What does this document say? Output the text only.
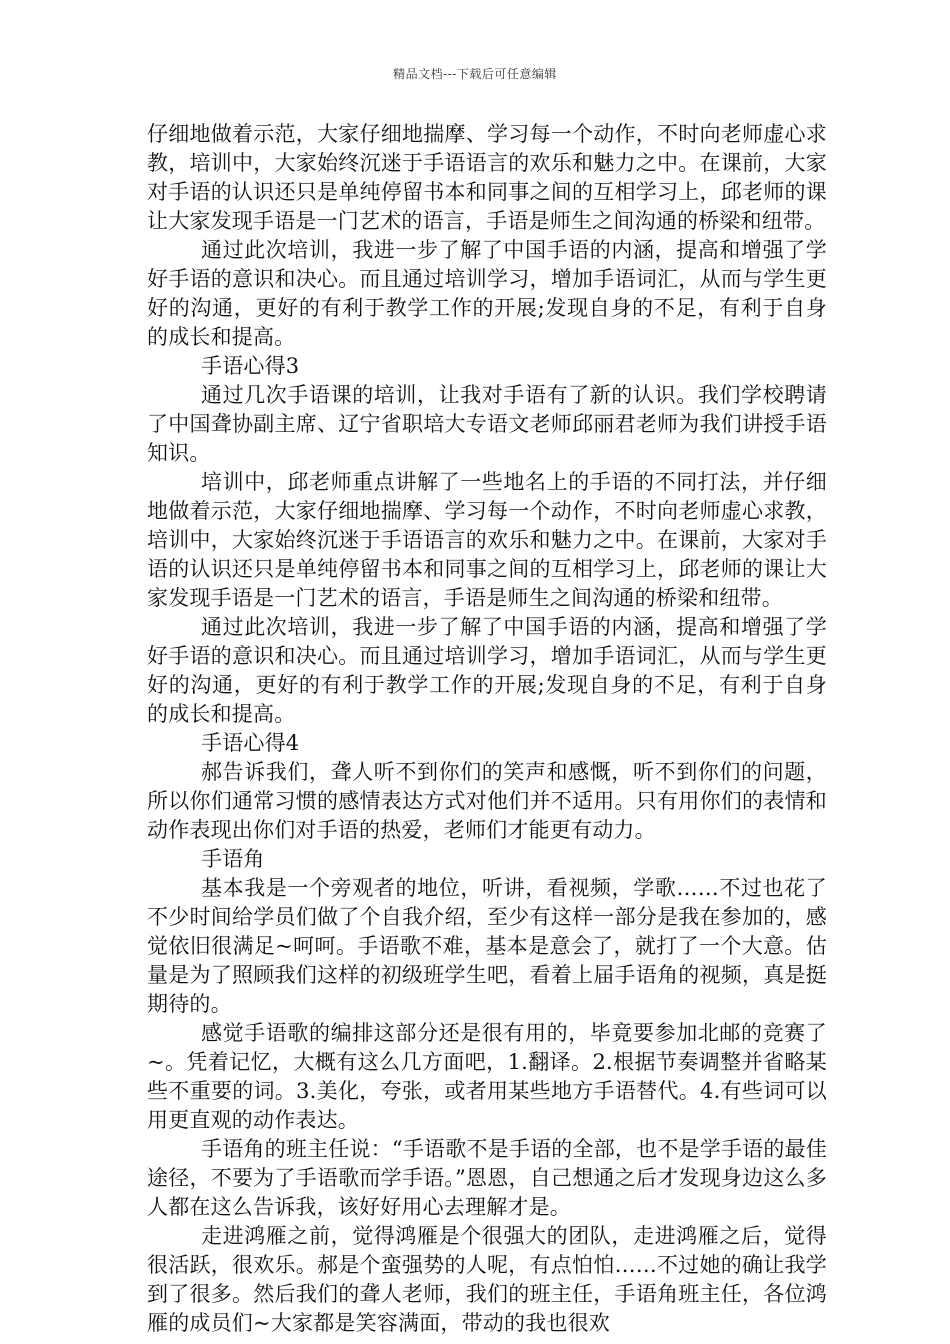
精品文档---下载后可任意编辑

仔细地做着示范，大家仔细地揣摩、学习每一个动作，不时向老师虚心求教，培训中，大家始终沉迷于手语语言的欢乐和魅力之中。在课前，大家对手语的认识还只是单纯停留书本和同事之间的互相学习上，邱老师的课让大家发现手语是一门艺术的语言，手语是师生之间沟通的桥梁和纽带。

通过此次培训，我进一步了解了中国手语的内涵，提高和增强了学好手语的意识和决心。而且通过培训学习，增加手语词汇，从而与学生更好的沟通，更好的有利于教学工作的开展;发现自身的不足，有利于自身的成长和提高。

手语心得3

通过几次手语课的培训，让我对手语有了新的认识。我们学校聘请了中国聋协副主席、辽宁省职培大专语文老师邱丽君老师为我们讲授手语知识。

培训中，邱老师重点讲解了一些地名上的手语的不同打法，并仔细地做着示范，大家仔细地揣摩、学习每一个动作，不时向老师虚心求教，培训中，大家始终沉迷于手语语言的欢乐和魅力之中。在课前，大家对手语的认识还只是单纯停留书本和同事之间的互相学习上，邱老师的课让大家发现手语是一门艺术的语言，手语是师生之间沟通的桥梁和纽带。

通过此次培训，我进一步了解了中国手语的内涵，提高和增强了学好手语的意识和决心。而且通过培训学习，增加手语词汇，从而与学生更好的沟通，更好的有利于教学工作的开展;发现自身的不足，有利于自身的成长和提高。

手语心得4

郝告诉我们，聋人听不到你们的笑声和感慨，听不到你们的问题，所以你们通常习惯的感情表达方式对他们并不适用。只有用你们的表情和动作表现出你们对手语的热爱，老师们才能更有动力。

手语角

基本我是一个旁观者的地位，听讲，看视频，学歌……不过也花了不少时间给学员们做了个自我介绍，至少有这样一部分是我在参加的，感觉依旧很满足~呵呵。手语歌不难，基本是意会了，就打了一个大意。估量是为了照顾我们这样的初级班学生吧，看着上届手语角的视频，真是挺期待的。

感觉手语歌的编排这部分还是很有用的，毕竟要参加北邮的竞赛了~。凭着记忆，大概有这么几方面吧，1.翻译。2.根据节奏调整并省略某些不重要的词。3.美化，夸张，或者用某些地方手语替代。4.有些词可以用更直观的动作表达。

手语角的班主任说：“手语歌不是手语的全部，也不是学手语的最佳途径，不要为了手语歌而学手语。”恩恩，自己想通之后才发现身边这么多人都在这么告诉我，该好好用心去理解才是。

走进鸿雁之前，觉得鸿雁是个很强大的团队，走进鸿雁之后，觉得很活跃，很欢乐。郝是个蛮强势的人呢，有点怕怕……不过她的确让我学到了很多。然后我们的聋人老师，我们的班主任，手语角班主任，各位鸿雁的成员们~大家都是笑容满面，带动的我也很欢
